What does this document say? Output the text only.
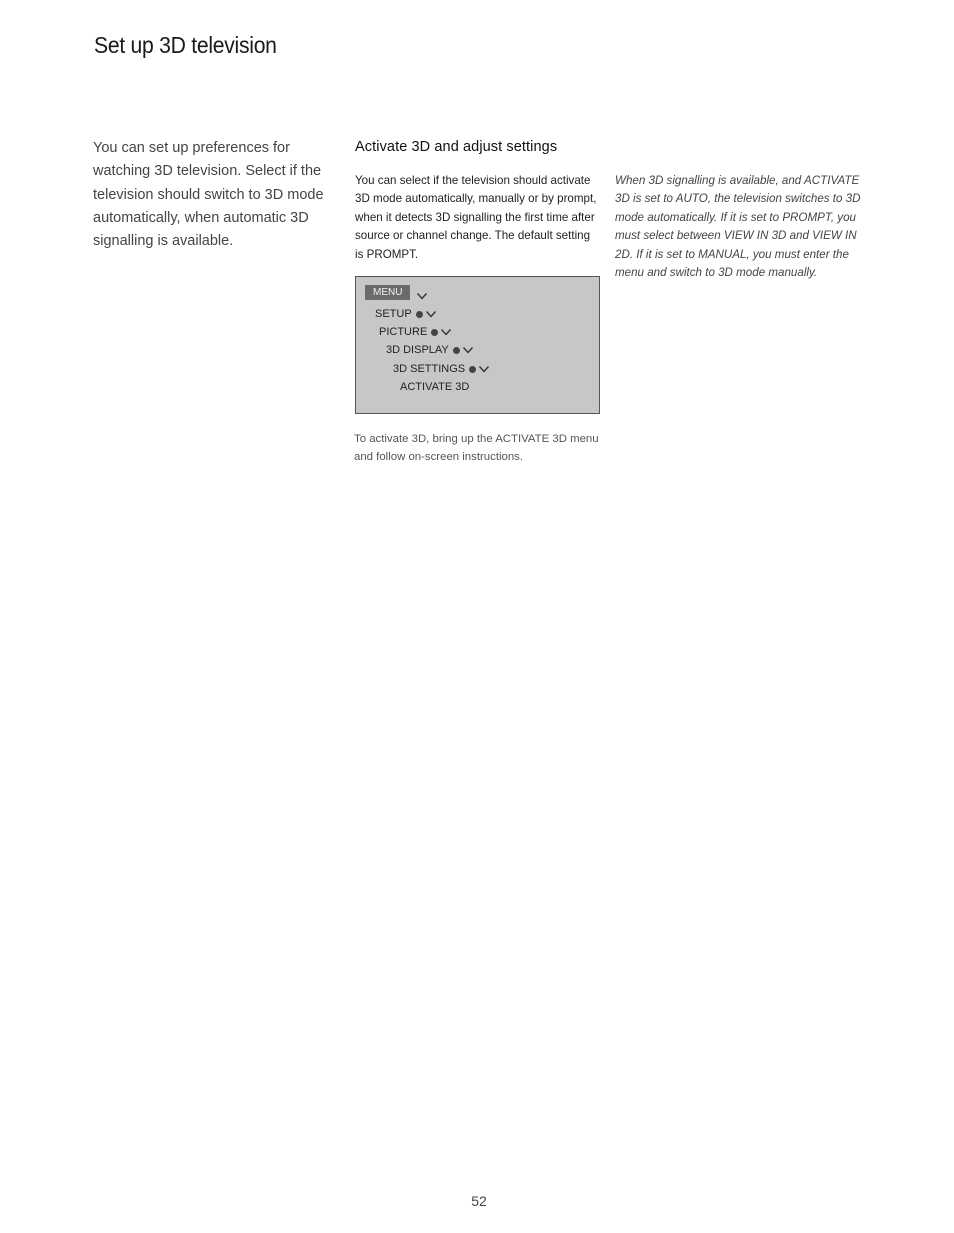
Set up 3D television

You can set up preferences for watching 3D television. Select if the television should switch to 3D mode automatically, when automatic 3D signalling is available.

Activate 3D and adjust settings

You can select if the television should activate 3D mode automatically, manually or by prompt, when it detects 3D signalling the first time after source or channel change. The default setting is PROMPT.

When 3D signalling is available, and ACTIVATE 3D is set to AUTO, the television switches to 3D mode automatically. If it is set to PROMPT, you must select between VIEW IN 3D and VIEW IN 2D. If it is set to MANUAL, you must enter the menu and switch to 3D mode manually.

MENU
SETUP
PICTURE
3D DISPLAY
3D SETTINGS
ACTIVATE 3D

To activate 3D, bring up the ACTIVATE 3D menu and follow on-screen instructions.

52
